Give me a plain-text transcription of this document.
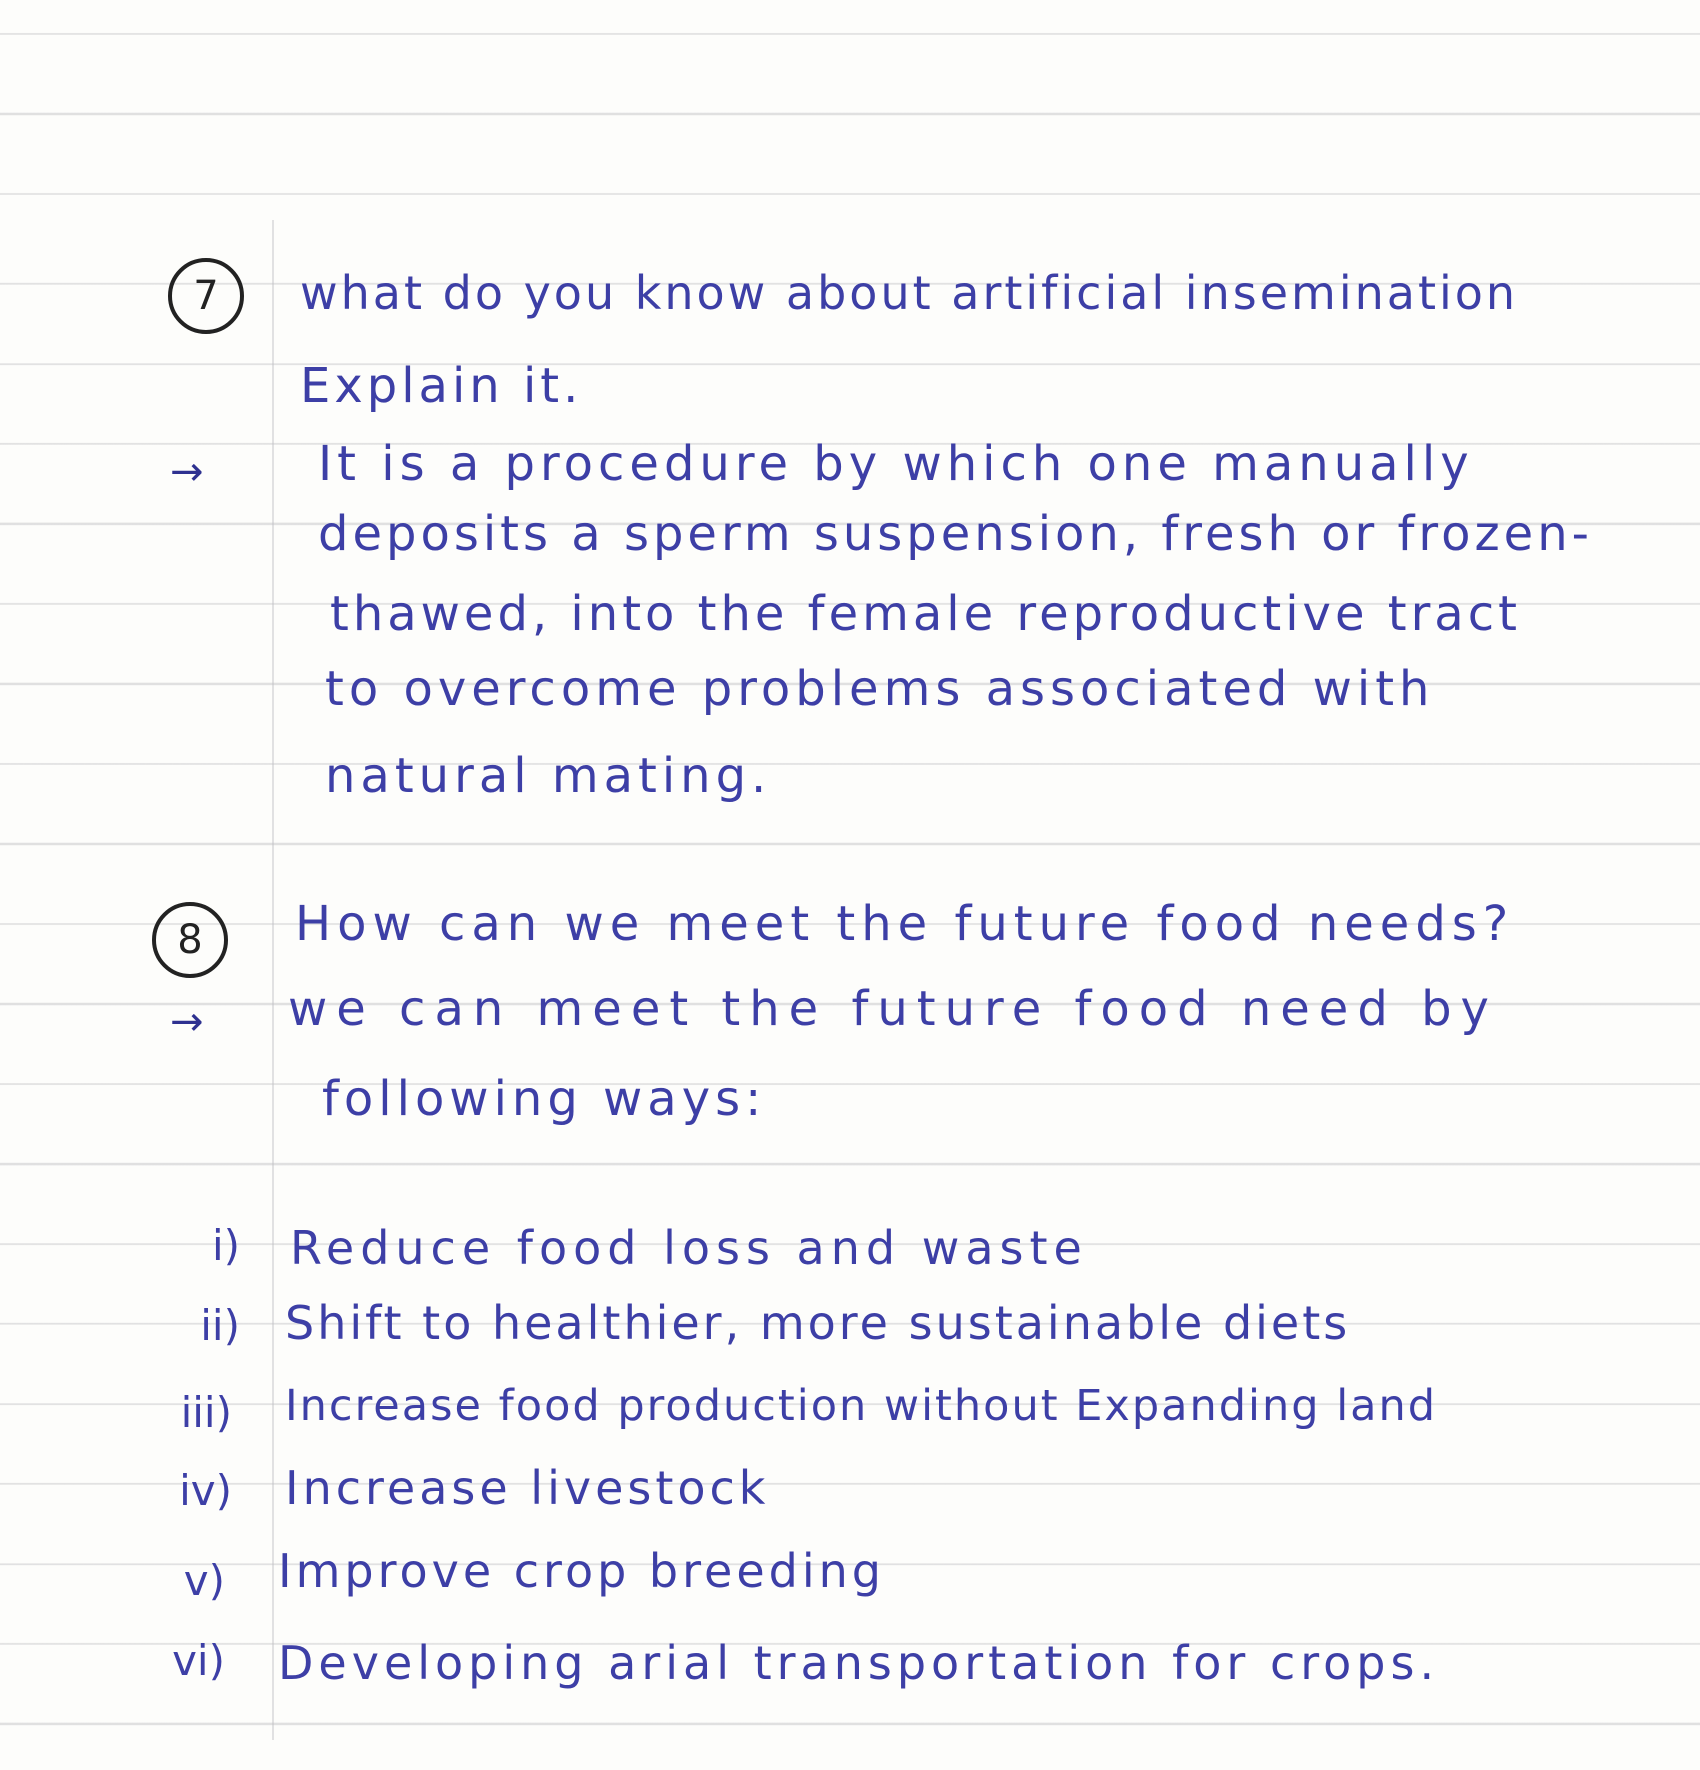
7	what do you know about artificial insemination
Explain it.
→ It is a procedure by which one manually
deposits a sperm suspension, fresh or frozen-
thawed, into the female reproductive tract
to overcome problems associated with
natural mating.
8	How can we meet the future food needs?
→ we can meet the future food need by
following ways:
i) Reduce food loss and waste
ii) Shift to healthier, more sustainable diets
iii) Increase food production without Expanding land
iv) Increase livestock
v) Improve crop breeding
vi) Developing arial transportation for crops.
